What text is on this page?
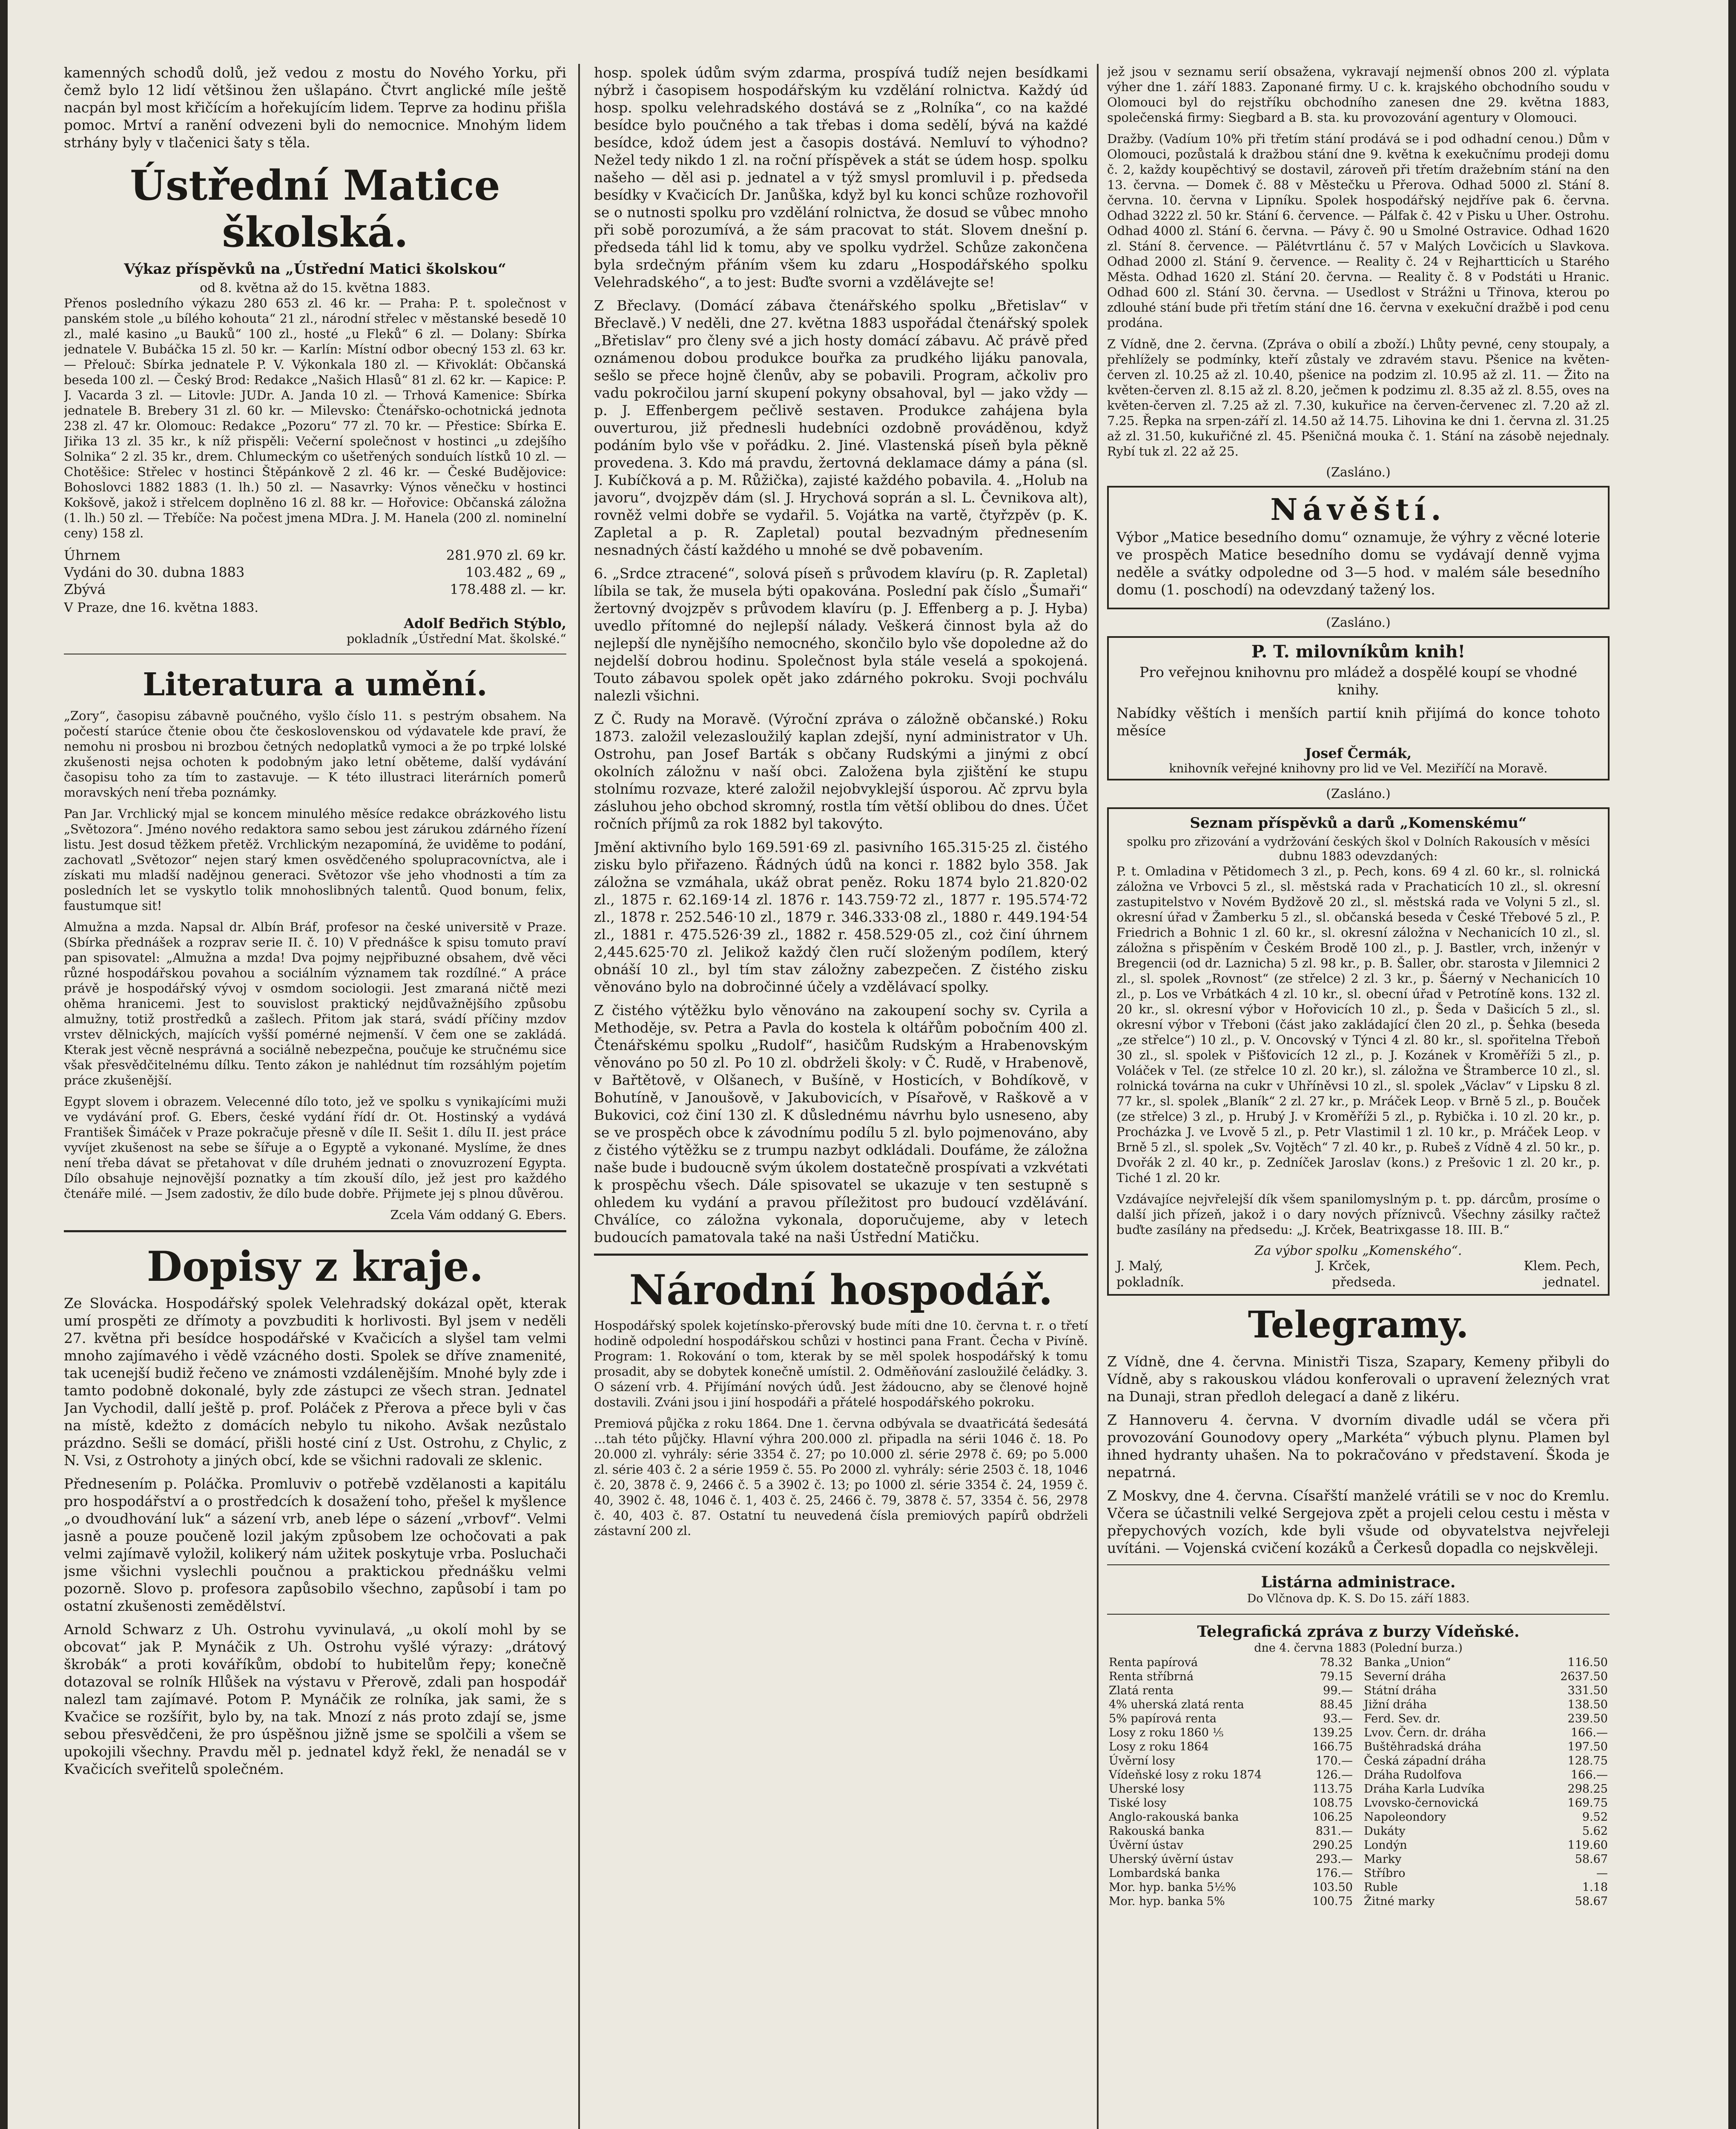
kamenných schodů dolů, jež vedou z mostu do Nového Yorku, při čemž bylo 12 lidí většinou žen ušlapáno. Čtvrt anglické míle ještě nacpán byl most křičícím a hořekujícím lidem. Teprve za hodinu přišla pomoc. Mrtví a ranění odvezeni byli do nemocnice. Mnohým lidem strhány byly v tlačenici šaty s těla.

Ústřední Matice školská.
Výkaz příspěvků na „Ústřední Matici školskou“
od 8. května až do 15. května 1883.

Přenos posledního výkazu 280 653 zl. 46 kr. — Praha: P. t. společnost v panském stole „u bílého kohouta“ 21 zl., národní střelec v městanské besedě 10 zl., malé kasino „u Bauků“ 100 zl., hosté „u Fleků“ 6 zl. — Dolany: Sbírka jednatele V. Bubáčka 15 zl. 50 kr. — Karlín: Místní odbor obecný 153 zl. 63 kr. — Přelouč: Sbírka jednatele P. V. Výkonkala 180 zl. — Křivoklát: Občanská beseda 100 zl. — Český Brod: Redakce „Našich Hlasů“ 81 zl. 62 kr. — Kapice: P. J. Vacarda 3 zl. — Litovle: JUDr. A. Janda 10 zl. — Trhová Kamenice: Sbírka jednatele B. Brebery 31 zl. 60 kr. — Milevsko: Čtenářsko-ochotnická jednota 238 zl. 47 kr. Olomouc: Redakce „Pozoru“ 77 zl. 70 kr. — Přestice: Sbírka E. Jiřika 13 zl. 35 kr., k níž přispěli: Večerní společnost v hostinci „u zdejšího Solnika“ 2 zl. 35 kr., drem. Chlumeckým co ušetřených sonduích lístků 10 zl. — Chotěšice: Střelec v hostinci Štěpánkově 2 zl. 46 kr. — České Budějovice: Bohoslovci 1882 1883 (1. lh.) 50 zl. — Nasavrky: Výnos věnečku v hostinci Kokšově, jakož i střelcem doplněno 16 zl. 88 kr. — Hořovice: Občanská záložna (1. lh.) 50 zl. — Třebíče: Na počest jmena MDra. J. M. Hanela (200 zl. nominelní ceny) 158 zl.

Úhrnem	281.970 zl. 69 kr.
Vydáni do 30. dubna 1883	103.482 „ 69 „
Zbývá	178.488 zl. — kr.
V Praze, dne 16. května 1883.
Adolf Bedřich Stýblo,
pokladník „Ústřední Mat. školské.“
Literatura a umění.

„Zory“, časopisu zábavně poučného, vyšlo číslo 11. s pestrým obsahem. Na počestí starúce čtenie obou čte československou od výdavatele kde praví, že nemohu ni prosbou ni brozbou četných nedoplatků vymoci a že po trpké lolské zkušenosti nejsa ochoten k podobným jako letní oběteme, další vydávání časopisu toho za tím to zastavuje. — K této illustraci literárních pomerů moravských není třeba poznámky.

Pan Jar. Vrchlický mjal se koncem minulého měsíce redakce obrázkového listu „Světozora“. Jméno nového redaktora samo sebou jest zárukou zdárného řízení listu. Jest dosud těžkem přetěž. Vrchlickým nezapomíná, že uviděme to podání, zachovatl „Světozor“ nejen starý kmen osvědčeného spolupracovníctva, ale i získati mu mladší nadějnou generaci. Světozor vše jeho vhodnosti a tím za posledních let se vyskytlo tolik mnohoslibných talentů. Quod bonum, felix, faustumque sit!

Almužna a mzda. Napsal dr. Albín Bráf, profesor na české universitě v Praze. (Sbírka přednášek a rozprav serie II. č. 10) V přednášce k spisu tomuto praví pan spisovatel: „Almužna a mzda! Dva pojmy nejpřibuzné obsahem, dvě věci různé hospodářskou povahou a sociálním významem tak rozdílné.“ A práce právě je hospodářský vývoj v osmdom sociologii. Jest zmaraná ničtě mezi ohěma hranicemi. Jest to souvislost praktický nejdůvažnějšího způsobu almužny, totiž prostředků a zašlech. Přitom jak stará, svádí příčiny mzdov vrstev dělnických, majících vyšší pomérné nejmenší. V čem one se zakládá. Kterak jest věcně nesprávná a sociálně nebezpečna, poučuje ke stručnému sice však přesvědčitelnému dílku. Tento zákon je nahlédnut tím rozsáhlým pojetím práce zkušenější.

Egypt slovem i obrazem. Velecenné dílo toto, jež ve spolku s vynikajícími muži ve vydávání prof. G. Ebers, české vydání řídí dr. Ot. Hostinský a vydává František Šimáček v Praze pokračuje přesně v díle II. Sešit 1. dílu II. jest práce vyvíjet zkušenost na sebe se šířuje a o Egyptě a vykonané. Myslíme, že dnes není třeba dávat se přetahovat v díle druhém jednati o znovuzrození Egypta. Dílo obsahuje nejnovější poznatky a tím zkouší dílo, jež jest pro každého čtenáře milé. — Jsem zadostiv, že dílo bude dobře. Přijmete jej s plnou důvěrou.

Zcela Vám oddaný G. Ebers.

Dopisy z kraje.

Ze Slovácka. Hospodářský spolek Velehradský dokázal opět, kterak umí prospěti ze dřímoty a povzbuditi k horlivosti. Byl jsem v neděli 27. května při besídce hospodářské v Kvačicích a slyšel tam velmi mnoho zajímavého i vědě vzácného dosti. Spolek se dříve znamenité, tak ucenejší budiž řečeno ve známosti vzdálenějším. Mnohé byly zde i tamto podobně dokonalé, byly zde zástupci ze všech stran. Jednatel Jan Vychodil, dallí ještě p. prof. Poláček z Přerova a přece byli v čas na místě, kdežto z domácích nebylo tu nikoho. Avšak nezůstalo prázdno. Sešli se domácí, přišli hosté ciní z Ust. Ostrohu, z Chylic, z N. Vsi, z Ostrohoty a jiných obcí, kde se všichni radovali ze sklenic.

Přednesením p. Poláčka. Promluviv o potřebě vzdělanosti a kapitálu pro hospodářství a o prostředcích k dosažení toho, přešel k myšlence „o dvoudhování luk“ a sázení vrb, aneb lépe o sázení „vrbovf“. Velmi jasně a pouze poučeně lozil jakým způsobem lze ochočovati a pak velmi zajímavě vyložil, kolikerý nám užitek poskytuje vrba. Posluchači jsme všichni vyslechli poučnou a praktickou přednášku velmi pozorně. Slovo p. profesora zapůsobilo všechno, zapůsobí i tam po ostatní zkušenosti zemědělství.

Arnold Schwarz z Uh. Ostrohu vyvinulavá, „u okolí mohl by se obcovat“ jak P. Mynáčik z Uh. Ostrohu vyšlé výrazy: „drátový škrobák“ a proti kováříkům, období to hubitelům řepy; konečně dotazoval se rolník Hlůšek na výstavu v Přerově, zdali pan hospodář nalezl tam zajímavé. Potom P. Mynáčik ze rolníka, jak sami, že s Kvačice se rozšířit, bylo by, na tak. Mnozí z nás proto zdají se, jsme sebou přesvědčeni, že pro úspěšnou jižně jsme se spolčili a všem se upokojili všechny. Pravdu měl p. jednatel když řekl, že nenadál se v Kvačicích sveřitelů společném.

hosp. spolek údům svým zdarma, prospívá tudíž nejen besídkami nýbrž i časopisem hospodářským ku vzdělání rolnictva. Každý úd hosp. spolku velehradského dostává se z „Rolníka“, co na každé besídce bylo poučného a tak třebas i doma sedělí, bývá na každé besídce, kdož údem jest a časopis dostává. Nemluví to výhodno? Nežel tedy nikdo 1 zl. na roční příspěvek a stát se údem hosp. spolku našeho — děl asi p. jednatel a v týž smysl promluvil i p. předseda besídky v Kvačicích Dr. Janůška, když byl ku konci schůze rozhovořil se o nutnosti spolku pro vzdělání rolnictva, že dosud se vůbec mnoho při sobě porozumívá, a že sám pracovat to stát. Slovem dnešní p. předseda táhl lid k tomu, aby ve spolku vydržel. Schůze zakončena byla srdečným přáním všem ku zdaru „Hospodářského spolku Velehradského“, a to jest: Buďte svorni a vzdělávejte se!

Z Břeclavy. (Domácí zábava čtenářského spolku „Břetislav“ v Břeclavě.) V neděli, dne 27. května 1883 uspořádal čtenářský spolek „Břetislav“ pro členy své a jich hosty domácí zábavu. Ač právě před oznámenou dobou produkce bouřka za prudkého lijáku panovala, sešlo se přece hojně členův, aby se pobavili. Program, ačkoliv pro vadu pokročilou jarní skupení pokyny obsahoval, byl — jako vždy — p. J. Effenbergem pečlivě sestaven. Produkce zahájena byla ouverturou, již přednesli hudebníci ozdobně prováděnou, když podáním bylo vše v pořádku. 2. Jiné. Vlastenská píseň byla pěkně provedena. 3. Kdo má pravdu, žertovná deklamace dámy a pána (sl. J. Kubíčková a p. M. Růžička), zajisté každého pobavila. 4. „Holub na javoru“, dvojzpěv dám (sl. J. Hrychová soprán a sl. L. Čevnikova alt), rovněž velmi dobře se vydařil. 5. Vojátka na vartě, čtyřzpěv (p. K. Zapletal a p. R. Zapletal) poutal bezvadným přednesením nesnadných částí každého u mnohé se dvě pobavením.

6. „Srdce ztracené“, solová píseň s průvodem klavíru (p. R. Zapletal) líbila se tak, že musela býti opakována. Poslední pak číslo „Šumaři“ žertovný dvojzpěv s průvodem klavíru (p. J. Effenberg a p. J. Hyba) uvedlo přítomné do nejlepší nálady. Veškerá činnost byla až do nejlepší dle nynějšího nemocného, skončilo bylo vše dopoledne až do nejdelší dobrou hodinu. Společnost byla stále veselá a spokojená. Touto zábavou spolek opět jako zdárného pokroku. Svoji pochválu nalezli všichni.

Z Č. Rudy na Moravě. (Výroční zpráva o záložně občanské.) Roku 1873. založil velezasloužilý kaplan zdejší, nyní administrator v Uh. Ostrohu, pan Josef Barták s občany Rudskými a jinými z obcí okolních záložnu v naší obci. Založena byla zjištění ke stupu stolnímu rozvaze, které založil nejobvyklejší úsporou. Ač zprvu byla zásluhou jeho obchod skromný, rostla tím větší oblibou do dnes. Účet ročních příjmů za rok 1882 byl takovýto.

Jmění aktivního bylo 169.591·69 zl. pasivního 165.315·25 zl. čistého zisku bylo přiřazeno. Řádných údů na konci r. 1882 bylo 358. Jak záložna se vzmáhala, ukáž obrat peněz. Roku 1874 bylo 21.820·02 zl., 1875 r. 62.169·14 zl. 1876 r. 143.759·72 zl., 1877 r. 195.574·72 zl., 1878 r. 252.546·10 zl., 1879 r. 346.333·08 zl., 1880 r. 449.194·54 zl., 1881 r. 475.526·39 zl., 1882 r. 458.529·05 zl., coż činí úhrnem 2,445.625·70 zl. Jelikož každý člen ručí složeným podílem, který obnáší 10 zl., byl tím stav záložny zabezpečen. Z čistého zisku věnováno bylo na dobročinné účely a vzdělávací spolky.

Z čistého výtěžku bylo věnováno na zakoupení sochy sv. Cyrila a Methoděje, sv. Petra a Pavla do kostela k oltářům pobočním 400 zl. Čtenářskému spolku „Rudolf“, hasičům Rudským a Hrabenovským věnováno po 50 zl. Po 10 zl. obdrželi školy: v Č. Rudě, v Hrabenově, v Bařtětově, v Olšanech, v Bušíně, v Hosticích, v Bohdíkově, v Bohutíně, v Janoušově, v Jakubovicích, v Písařově, v Raškově a v Bukovici, coż činí 130 zl. K důslednému návrhu bylo usneseno, aby se ve prospěch obce k závodnímu podílu 5 zl. bylo pojmenováno, aby z čistého výtěžku se z trumpu nazbyt odkládali. Doufáme, že záložna naše bude i budoucně svým úkolem dostatečně prospívati a vzkvétati k prospěchu všech. Dále spisovatel se ukazuje v ten sestupně s ohledem ku vydání a pravou příležitost pro budoucí vzdělávání. Chválíce, co záložna vykonala, doporučujeme, aby v letech budoucích pamatovala také na naši Ústřední Matičku.

Národní hospodář.

Hospodářský spolek kojetínsko-přerovský bude míti dne 10. června t. r. o třetí hodině odpolední hospodářskou schůzi v hostinci pana Frant. Čecha v Pivíně. Program: 1. Rokování o tom, kterak by se měl spolek hospodářský k tomu prosadit, aby se dobytek konečně umístil. 2. Odměňování zasloužilé čeládky. 3. O sázení vrb. 4. Přijímání nových údů. Jest žádoucno, aby se členové hojně dostavili. Zváni jsou i jiní hospodáři a přátelé hospodářského pokroku.

Premiová půjčka z roku 1864. Dne 1. června odbývala se dvaatřicátá šedesátá ...tah této půjčky. Hlavní výhra 200.000 zl. připadla na sérii 1046 č. 18. Po 20.000 zl. vyhrály: série 3354 č. 27; po 10.000 zl. série 2978 č. 69; po 5.000 zl. série 403 č. 2 a série 1959 č. 55. Po 2000 zl. vyhrály: série 2503 č. 18, 1046 č. 20, 3878 č. 9, 2466 č. 5 a 3902 č. 13; po 1000 zl. série 3354 č. 24, 1959 č. 40, 3902 č. 48, 1046 č. 1, 403 č. 25, 2466 č. 79, 3878 č. 57, 3354 č. 56, 2978 č. 40, 403 č. 87. Ostatní tu neuvedená čísla premiových papírů obdrželi zástavní 200 zl.

jež jsou v seznamu serií obsažena, vykravají nejmenší obnos 200 zl. výplata výher dne 1. září 1883. Zaponané firmy. U c. k. krajského obchodního soudu v Olomouci byl do rejstříku obchodního zanesen dne 29. května 1883, společenská firmy: Siegbard a B. sta. ku provozování agentury v Olomouci.

Dražby. (Vadíum 10% při třetím stání prodává se i pod odhadní cenou.) Dům v Olomouci, pozůstalá k dražbou stání dne 9. května k exekučnímu prodeji domu č. 2, každy koupěchtivý se dostavil, zároveň při třetím dražebním stání na den 13. června. — Domek č. 88 v Městečku u Přerova. Odhad 5000 zl. Stání 8. června. 10. června v Lipníku. Spolek hospodářský nejdříve pak 6. června. Odhad 3222 zl. 50 kr. Stání 6. července. — Pálfak č. 42 v Pisku u Uher. Ostrohu. Odhad 4000 zl. Stání 6. června. — Pávy č. 90 u Smolné Ostravice. Odhad 1620 zl. Stání 8. července. — Pälétvrtlánu č. 57 v Malých Lovčicích u Slavkova. Odhad 2000 zl. Stání 9. července. — Reality č. 24 v Rejhartticích u Starého Města. Odhad 1620 zl. Stání 20. června. — Reality č. 8 v Podstáti u Hranic. Odhad 600 zl. Stání 30. června. — Usedlost v Strážni u Třinova, kterou po zdlouhé stání bude při třetím stání dne 16. června v exekuční dražbě i pod cenu prodána.

Z Vídně, dne 2. června. (Zpráva o obilí a zboží.) Lhůty pevné, ceny stoupaly, a přehlížely se podmínky, kteří zůstaly ve zdravém stavu. Pšenice na květen-červen zl. 10.25 až zl. 10.40, pšenice na podzim zl. 10.95 až zl. 11. — Žito na květen-červen zl. 8.15 až zl. 8.20, ječmen k podzimu zl. 8.35 až zl. 8.55, oves na květen-červen zl. 7.25 až zl. 7.30, kukuřice na červen-červenec zl. 7.20 až zl. 7.25. Řepka na srpen-září zl. 14.50 až 14.75. Lihovina ke dni 1. června zl. 31.25 až zl. 31.50, kukuřičné zl. 45. Pšeničná mouka č. 1. Stání na zásobě nejednaly. Rybí tuk zl. 22 až 25.

(Zasláno.)
Návěští.

Výbor „Matice besedního domu“ oznamuje, že výhry z věcné loterie ve prospěch Matice besedního domu se vydávají denně vyjma neděle a svátky odpoledne od 3—5 hod. v malém sále besedního domu (1. poschodí) na odevzdaný tažený los.

(Zasláno.)
P. T. milovníkům knih!

Pro veřejnou knihovnu pro mládež a dospělé koupí se vhodné knihy.

Nabídky věštích i menších partií knih přijímá do konce tohoto měsíce

Josef Čermák,
knihovník veřejné knihovny pro lid ve Vel. Meziříčí na Moravě.
(Zasláno.)
Seznam příspěvků a darů „Komenskému“
spolku pro zřizování a vydržování českých škol v Dolních Rakousích v měsíci dubnu 1883 odevzdaných:

P. t. Omladina v Pětidomech 3 zl., p. Pech, kons. 69 4 zl. 60 kr., sl. rolnická záložna ve Vrbovci 5 zl., sl. městská rada v Prachaticích 10 zl., sl. okresní zastupitelstvo v Novém Bydžově 20 zl., sl. městská rada ve Volyni 5 zl., sl. okresní úřad v Žamberku 5 zl., sl. občanská beseda v České Třebové 5 zl., P. Friedrich a Bohnic 1 zl. 60 kr., sl. okresní záložna v Nechanicích 10 zl., sl. záložna s přispěním v Českém Brodě 100 zl., p. J. Bastler, vrch, inženýr v Bregencii (od dr. Laznicha) 5 zl. 98 kr., p. B. Šaller, obr. starosta v Jilemnici 2 zl., sl. spolek „Rovnost“ (ze střelce) 2 zl. 3 kr., p. Šáerný v Nechanicích 10 zl., p. Los ve Vrbátkách 4 zl. 10 kr., sl. obecní úřad v Petrotíně kons. 132 zl. 20 kr., sl. okresní výbor v Hořovicích 10 zl., p. Šeda v Dašicích 5 zl., sl. okresní výbor v Třeboni (část jako zakládající člen 20 zl., p. Šehka (beseda „ze střelce“) 10 zl., p. V. Oncovský v Týnci 4 zl. 80 kr., sl. spořitelna Třeboň 30 zl., sl. spolek v Pišťovicích 12 zl., p. J. Kozánek v Kroměříži 5 zl., p. Voláček v Tel. (ze střelce 10 zl. 20 kr.), sl. záložna ve Štramberce 10 zl., sl. rolnická továrna na cukr v Uhříněvsi 10 zl., sl. spolek „Václav“ v Lipsku 8 zl. 77 kr., sl. spolek „Blaník“ 2 zl. 27 kr., p. Mráček Leop. v Brně 5 zl., p. Bouček (ze střelce) 3 zl., p. Hrubý J. v Kroměříži 5 zl., p. Rybička i. 10 zl. 20 kr., p. Procházka J. ve Lvově 5 zl., p. Petr Vlastimil 1 zl. 10 kr., p. Mráček Leop. v Brně 5 zl., sl. spolek „Sv. Vojtěch“ 7 zl. 40 kr., p. Rubeš z Vídně 4 zl. 50 kr., p. Dvořák 2 zl. 40 kr., p. Zedníček Jaroslav (kons.) z Prešovic 1 zl. 20 kr., p. Tiché 1 zl. 20 kr.

Vzdávajíce nejvřelejší dík všem spanilomyslným p. t. pp. dárcům, prosíme o další jich přízeň, jakož i o dary nových příznivců. Všechny zásilky račtež buďte zasílány na předsedu: „J. Krček, Beatrixgasse 18. III. B.“

Za výbor spolku „Komenského“.
J. Malý,	J. Krček,	Klem. Pech,
pokladník.	předseda.	jednatel.
Telegramy.

Z Vídně, dne 4. června. Ministři Tisza, Szapary, Kemeny přibyli do Vídně, aby s rakouskou vládou konferovali o upravení železných vrat na Dunaji, stran předloh delegací a daně z likéru.

Z Hannoveru 4. června. V dvorním divadle udál se včera při provozování Gounodovy opery „Markéta“ výbuch plynu. Plamen byl ihned hydranty uhašen. Na to pokračováno v představení. Škoda je nepatrná.

Z Moskvy, dne 4. června. Císařští manželé vrátili se v noc do Kremlu. Včera se účastnili velké Sergejova zpět a projeli celou cestu i města v přepychových vozích, kde byli všude od obyvatelstva nejvřeleji uvítáni. — Vojenská cvičení kozáků a Čerkesů dopadla co nejskvěleji.

Listárna administrace.
Do Vlčnova dp. K. S. Do 15. září 1883.
Telegrafická zpráva z burzy Vídeňské.
dne 4. června 1883 (Polední burza.)
Renta papírová	78.32
Renta stříbrná	79.15
Zlatá renta	99.—
4% uherská zlatá renta	88.45
5% papírová renta	93.—
Losy z roku 1860 ⅕	139.25
Losy z roku 1864	166.75
Úvěrní losy	170.—
Vídeňské losy z roku 1874	126.—
Uherské losy	113.75
Tiské losy	108.75
Anglo-rakouská banka	106.25
Rakouská banka	831.—
Úvěrní ústav	290.25
Uherský úvěrní ústav	293.—
Lombardská banka	176.—
Mor. hyp. banka 5½%	103.50
Mor. hyp. banka 5%	100.75
Banka „Union“	116.50
Severní dráha	2637.50
Státní dráha	331.50
Jižní dráha	138.50
Ferd. Sev. dr.	239.50
Lvov. Čern. dr. dráha	166.—
Buštěhradská dráha	197.50
Česká západní dráha	128.75
Dráha Rudolfova	166.—
Dráha Karla Ludvíka	298.25
Lvovsko-černovická	169.75
Napoleondory	9.52
Dukáty	5.62
Londýn	119.60
Marky	58.67
Stříbro	—
Ruble	1.18
Žitné marky	58.67
